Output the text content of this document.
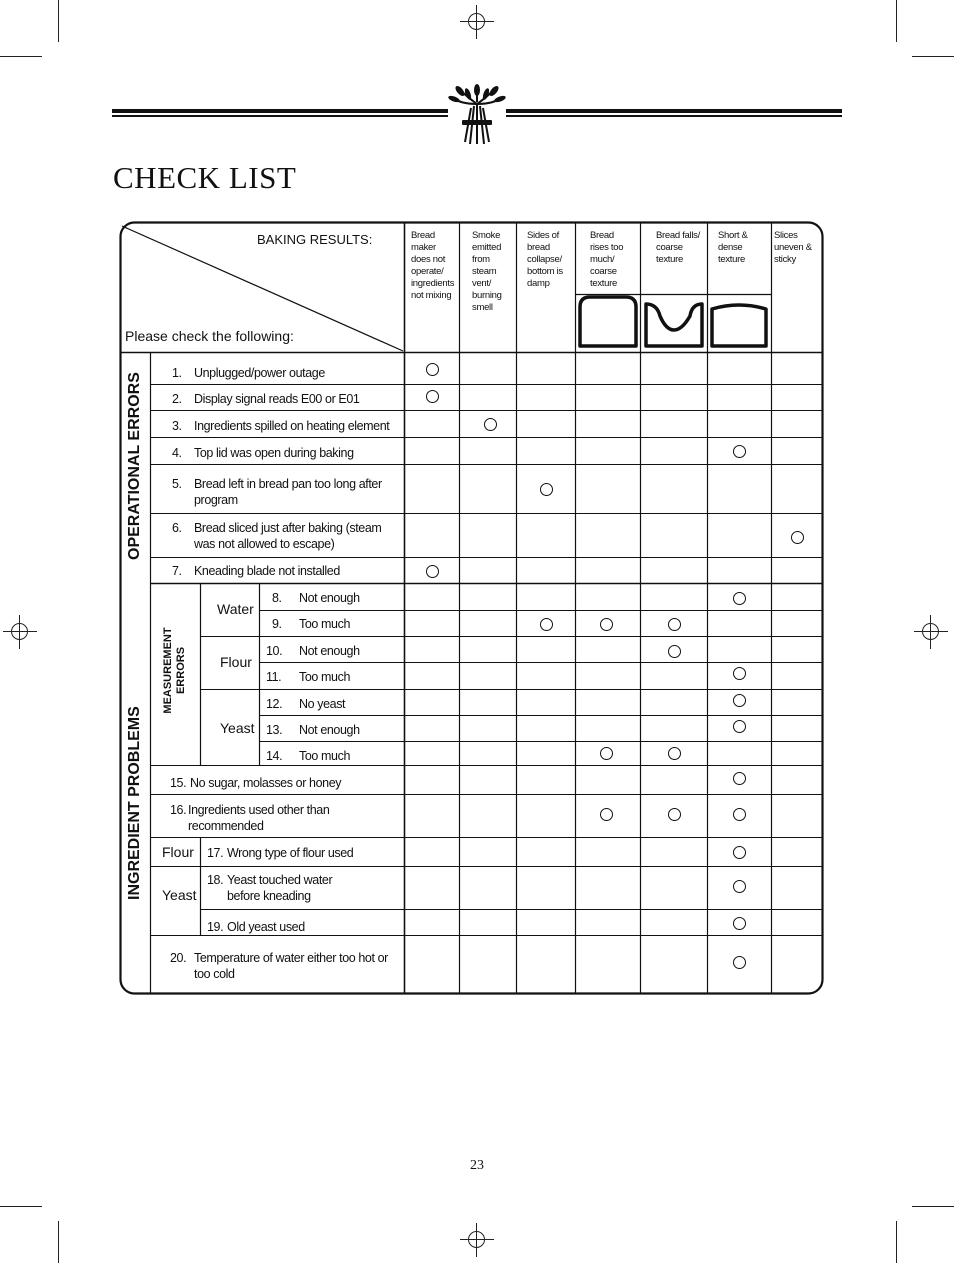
CHECK LIST
BAKING RESULTS:
Please check the following:
Bread maker does not operate/ ingredients not mixing
Smoke emitted from steam vent/ burning smell
Sides of bread collapse/ bottom is damp
Bread rises too much/ coarse texture
Bread falls/ coarse texture
Short & dense texture
Slices uneven & sticky
OPERATIONAL ERRORS
INGREDIENT PROBLEMS
MEASUREMENT ERRORS
Water
Flour
Yeast
Flour
Yeast
1. Unplugged/power outage
2. Display signal reads E00 or E01
3. Ingredients spilled on heating element
4. Top lid was open during baking
5. Bread left in bread pan too long after program
6. Bread sliced just after baking (steam was not allowed to escape)
7. Kneading blade not installed
8. Not enough
9. Too much
10. Not enough
11. Too much
12. No yeast
13. Not enough
14. Too much
15. No sugar, molasses or honey
16. Ingredients used other than recommended
17. Wrong type of flour used
18. Yeast touched water before kneading
19. Old yeast used
20. Temperature of water either too hot or too cold
23
